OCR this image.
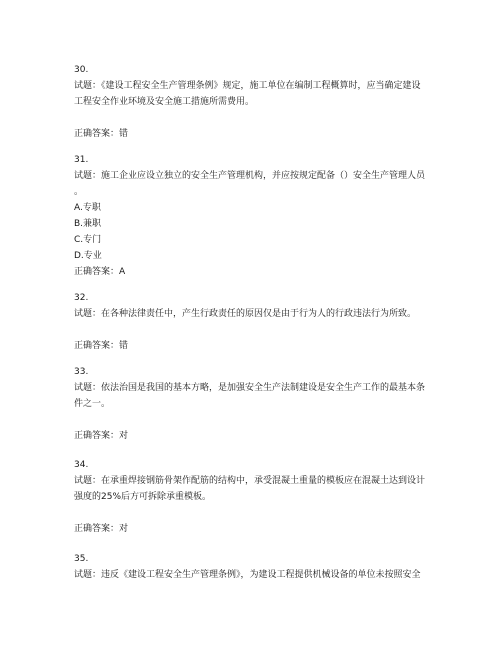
30.
试题：《建设工程安全生产管理条例》规定，施工单位在编制工程概算时，应当确定建设
工程安全作业环境及安全施工措施所需费用。
正确答案：错
31.
试题：施工企业应设立独立的安全生产管理机构，并应按规定配备（）安全生产管理人员
。
A.专职
B.兼职
C.专门
D.专业
正确答案：A
32.
试题：在各种法律责任中，产生行政责任的原因仅是由于行为人的行政违法行为所致。
正确答案：错
33.
试题：依法治国是我国的基本方略，是加强安全生产法制建设是安全生产工作的最基本条
件之一。
正确答案：对
34.
试题：在承重焊接钢筋骨架作配筋的结构中，承受混凝土重量的模板应在混凝土达到设计
强度的25%后方可拆除承重模板。
正确答案：对
35.
试题：违反《建设工程安全生产管理条例》，为建设工程提供机械设备的单位未按照安全
